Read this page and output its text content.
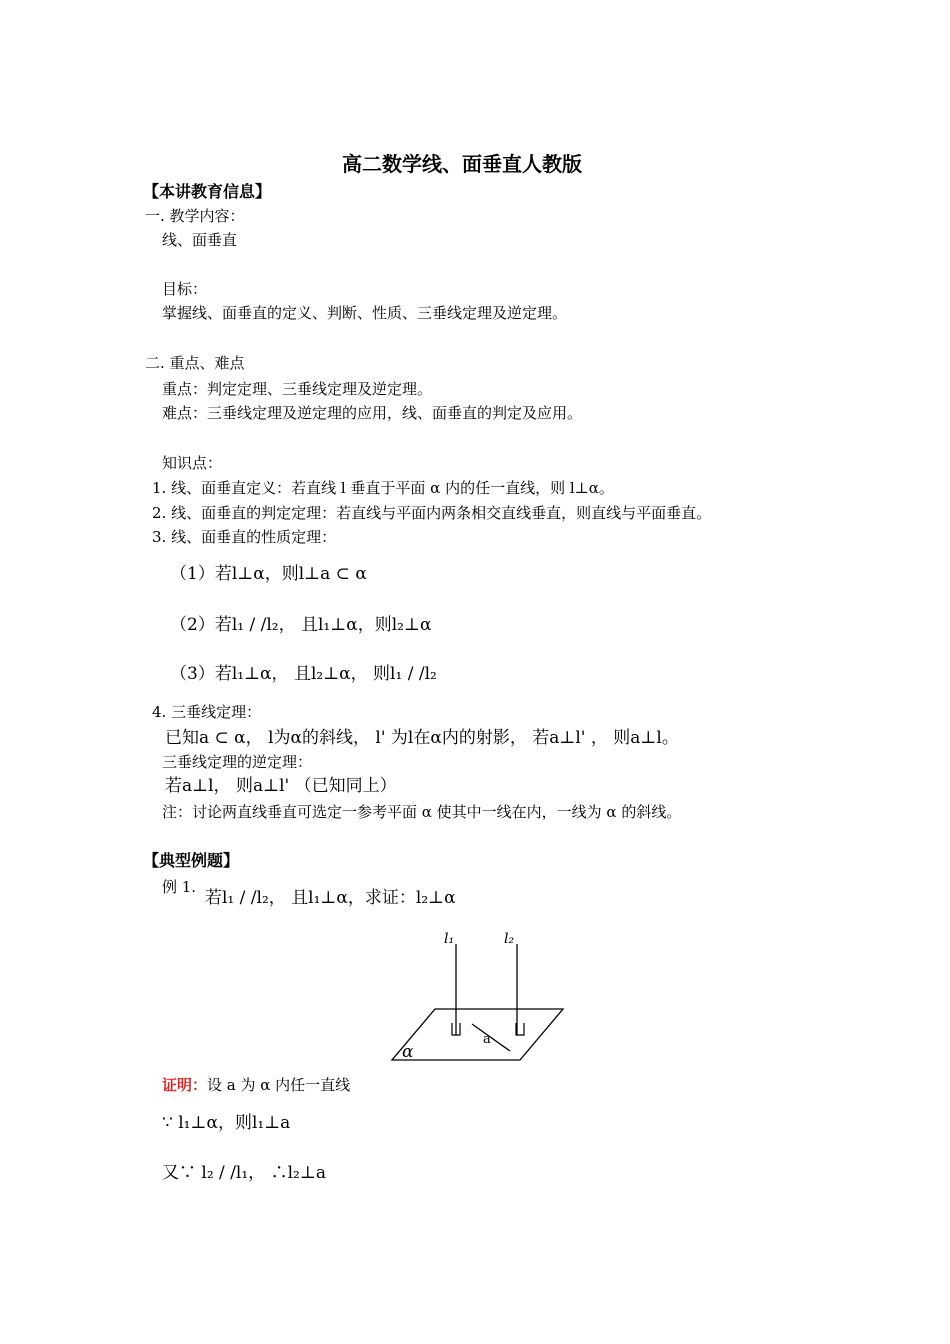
高二数学线、面垂直人教版
【本讲教育信息】
一. 教学内容：
线、面垂直
目标：
掌握线、面垂直的定义、判断、性质、三垂线定理及逆定理。
二. 重点、难点
重点：判定定理、三垂线定理及逆定理。
难点：三垂线定理及逆定理的应用，线、面垂直的判定及应用。
知识点：
1. 线、面垂直定义：若直线 l 垂直于平面 α 内的任一直线，则 l⊥α。
2. 线、面垂直的判定定理：若直线与平面内两条相交直线垂直，则直线与平面垂直。
3. 线、面垂直的性质定理：
（1）若l⊥α，则l⊥a ⊂ α
（2）若l₁ / /l₂， 且l₁⊥α，则l₂⊥α
（3）若l₁⊥α， 且l₂⊥α， 则l₁ / /l₂
4. 三垂线定理：
已知a ⊂ α， l为α的斜线， l' 为l在α内的射影， 若a⊥l' ， 则a⊥l。
三垂线定理的逆定理：
若a⊥l， 则a⊥l' （已知同上）
注：讨论两直线垂直可选定一参考平面 α 使其中一线在内，一线为 α 的斜线。
【典型例题】
例 1.
若l₁ / /l₂， 且l₁⊥α，求证：l₂⊥α
l₁	l₂
a
α
证明：设 a 为 α 内任一直线
∵ l₁⊥α，则l₁⊥a
又∵ l₂ / /l₁， ∴l₂⊥a
